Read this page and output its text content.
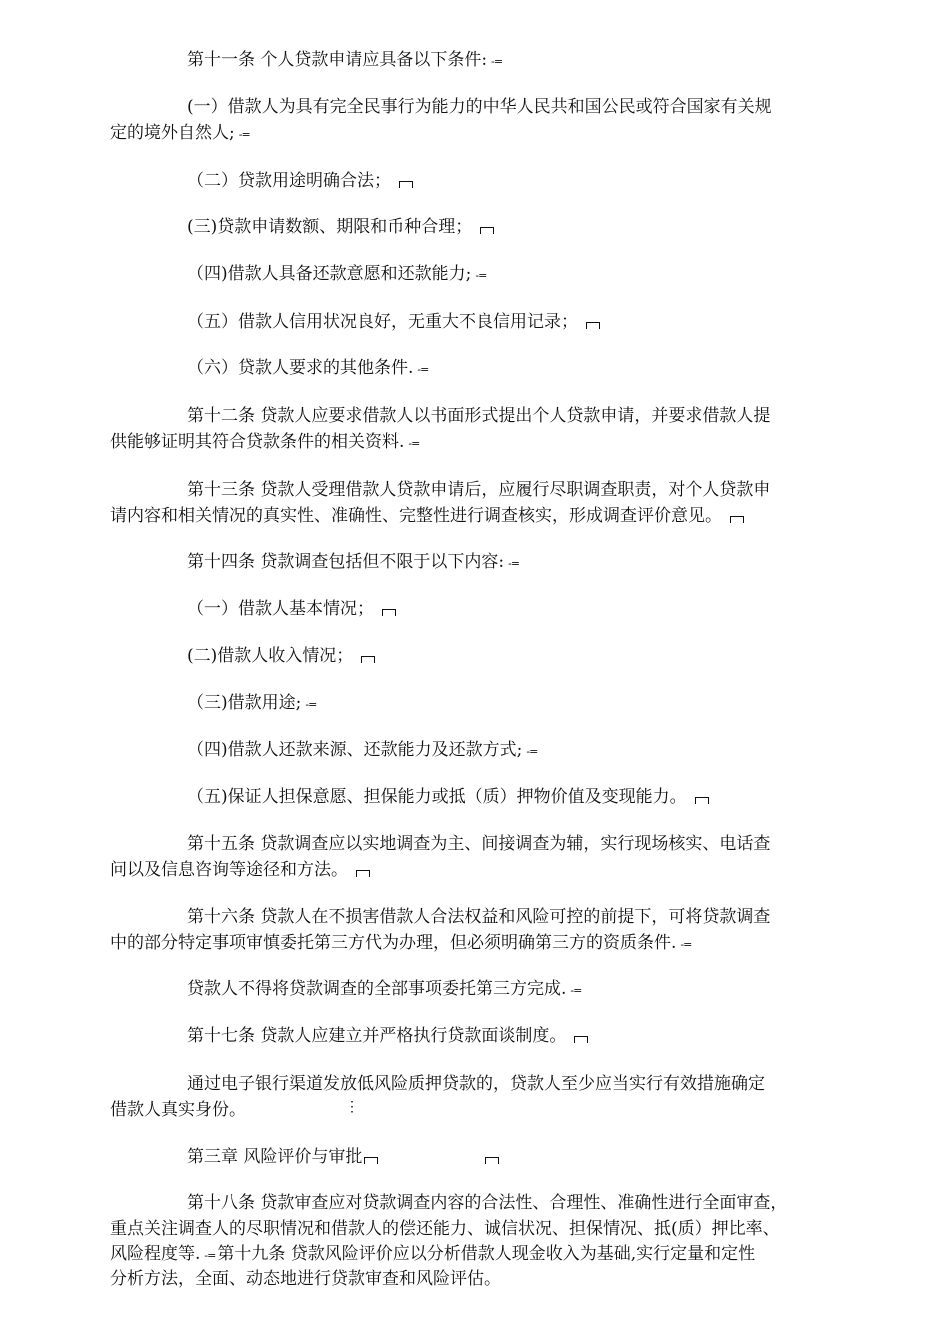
第十一条 个人贷款申请应具备以下条件: -=
(一）借款人为具有完全民事行为能力的中华人民共和国公民或符合国家有关规
定的境外自然人; -=
（二）贷款用途明确合法；
(三)贷款申请数额、期限和币种合理；
（四)借款人具备还款意愿和还款能力; -=
（五）借款人信用状况良好，无重大不良信用记录；
（六）贷款人要求的其他条件. -=
第十二条 贷款人应要求借款人以书面形式提出个人贷款申请，并要求借款人提
供能够证明其符合贷款条件的相关资料. -=
第十三条 贷款人受理借款人贷款申请后，应履行尽职调查职责，对个人贷款申
请内容和相关情况的真实性、准确性、完整性进行调查核实，形成调查评价意见。
第十四条 贷款调查包括但不限于以下内容: -=
（一）借款人基本情况；
(二)借款人收入情况；
（三)借款用途; -=
（四)借款人还款来源、还款能力及还款方式; -=
（五)保证人担保意愿、担保能力或抵（质）押物价值及变现能力。
第十五条 贷款调查应以实地调查为主、间接调查为辅，实行现场核实、电话查
问以及信息咨询等途径和方法。
第十六条 贷款人在不损害借款人合法权益和风险可控的前提下，可将贷款调查
中的部分特定事项审慎委托第三方代为办理，但必须明确第三方的资质条件. -=
贷款人不得将贷款调查的全部事项委托第三方完成. -=
第十七条 贷款人应建立并严格执行贷款面谈制度。
通过电子银行渠道发放低风险质押贷款的，贷款人至少应当实行有效措施确定
借款人真实身份。	⋮
第三章 风险评价与审批
第十八条 贷款审查应对贷款调查内容的合法性、合理性、准确性进行全面审查，
重点关注调查人的尽职情况和借款人的偿还能力、诚信状况、担保情况、抵(质）押比率、
风险程度等. -= 第十九条 贷款风险评价应以分析借款人现金收入为基础,实行定量和定性
分析方法，全面、动态地进行贷款审查和风险评估。
